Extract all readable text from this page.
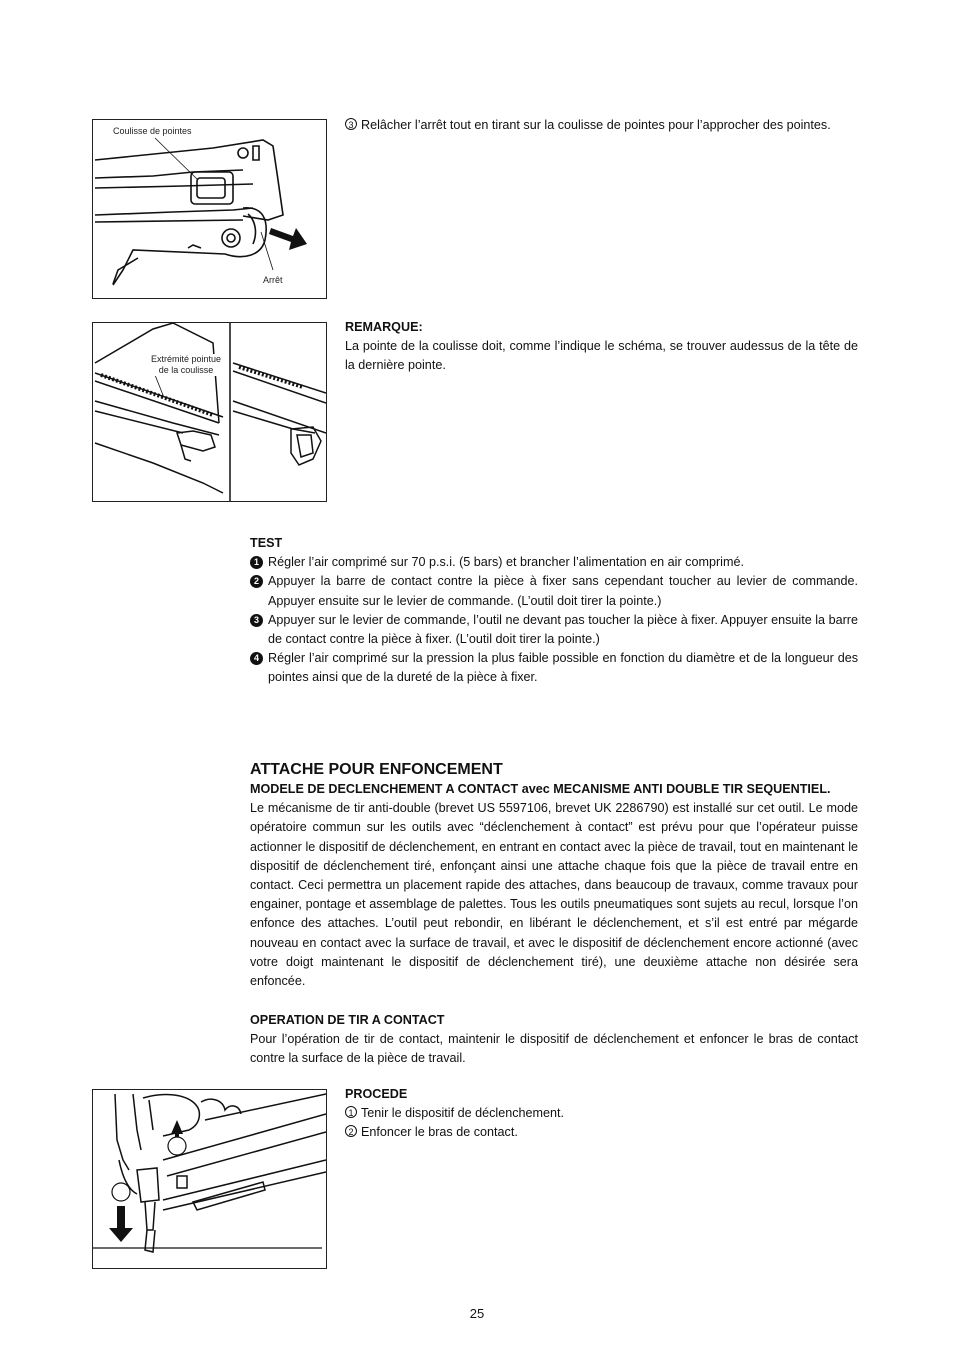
Coulisse de pointes
Arrêt
3 Relâcher l’arrêt tout en tirant sur la coulisse de pointes pour l’approcher des pointes.
Extrémité pointue de la coulisse
REMARQUE:
La pointe de la coulisse doit, comme l’indique le schéma, se trouver audessus de la tête de la dernière pointe.
TEST
1 Régler l’air comprimé sur 70 p.s.i. (5 bars) et brancher l’alimentation en air comprimé.
2 Appuyer la barre de contact contre la pièce à fixer sans cependant toucher au levier de commande. Appuyer ensuite sur le levier de commande. (L’outil doit tirer la pointe.)
3 Appuyer sur le levier de commande, l’outil ne devant pas toucher la pièce à fixer. Appuyer ensuite la barre de contact contre la pièce à fixer. (L’outil doit tirer la pointe.)
4 Régler l’air comprimé sur la pression la plus faible possible en fonction du diamètre et de la longueur des pointes ainsi que de la dureté de la pièce à fixer.
ATTACHE POUR ENFONCEMENT
MODELE DE DECLENCHEMENT A CONTACT avec MECANISME ANTI DOUBLE TIR SEQUENTIEL.
Le mécanisme de tir anti-double (brevet US 5597106, brevet UK 2286790) est installé sur cet outil. Le mode opératoire commun sur les outils avec “déclenchement à contact” est prévu pour que l’opérateur puisse actionner le dispositif de déclenchement, en entrant en contact avec la pièce de travail, tout en maintenant le dispositif de déclenchement tiré, enfonçant ainsi une attache chaque fois que la pièce de travail entre en contact. Ceci permettra un placement rapide des attaches, dans beaucoup de travaux, comme travaux pour engainer, pontage et assemblage de palettes. Tous les outils pneumatiques sont sujets au recul, lorsque l’on enfonce des attaches. L’outil peut rebondir, en libérant le déclenchement, et s’il est entré par mégarde nouveau en contact avec la surface de travail, et avec le dispositif de déclenchement encore actionné (avec votre doigt maintenant le dispositif de déclenchement tiré), une deuxième attache non désirée sera enfoncée.
OPERATION DE TIR A CONTACT
Pour l’opération de tir de contact, maintenir le dispositif de déclenchement et enfoncer le bras de contact contre la surface de la pièce de travail.
PROCEDE
1 Tenir le dispositif de déclenchement.
2 Enfoncer le bras de contact.
25
